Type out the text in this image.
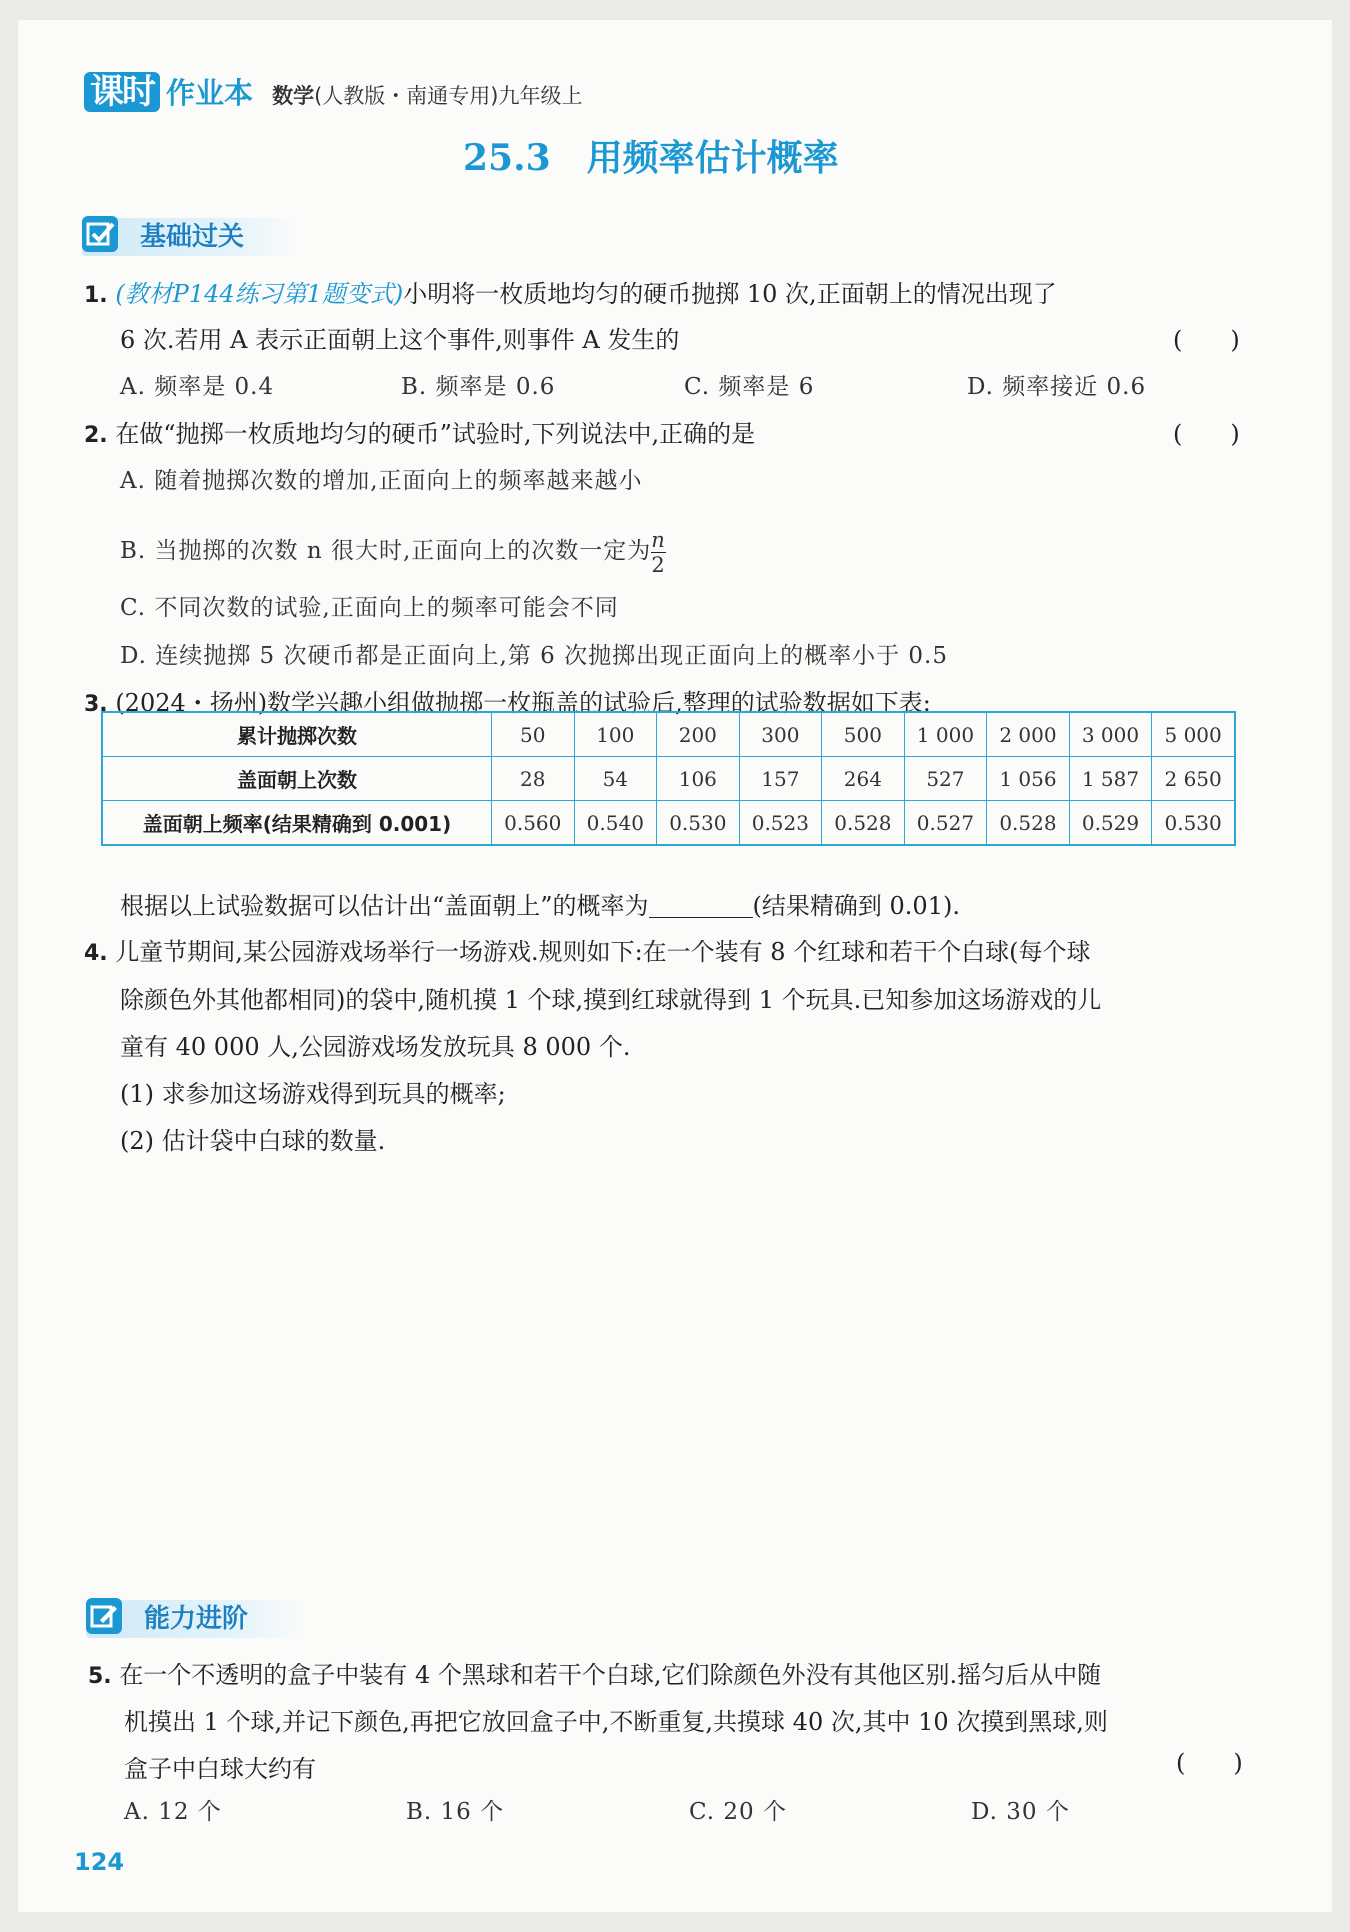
课时 作业本 数学(人教版・南通专用)九年级上
25.3　用频率估计概率
基础过关
1. (教材P144练习第1题变式)小明将一枚质地均匀的硬币抛掷 10 次,正面朝上的情况出现了
6 次.若用 A 表示正面朝上这个事件,则事件 A 发生的	(　　)
A. 频率是 0.4	B. 频率是 0.6	C. 频率是 6	D. 频率接近 0.6
2. 在做“抛掷一枚质地均匀的硬币”试验时,下列说法中,正确的是	(　　)
A. 随着抛掷次数的增加,正面向上的频率越来越小
B. 当抛掷的次数 n 很大时,正面向上的次数一定为 $\frac{n}{2}$
C. 不同次数的试验,正面向上的频率可能会不同
D. 连续抛掷 5 次硬币都是正面向上,第 6 次抛掷出现正面向上的概率小于 0.5
3. (2024・扬州)数学兴趣小组做抛掷一枚瓶盖的试验后,整理的试验数据如下表:
累计抛掷次数	50	100	200	300	500	1 000	2 000	3 000	5 000
盖面朝上次数	28	54	106	157	264	527	1 056	1 587	2 650
盖面朝上频率(结果精确到 0.001)	0.560	0.540	0.530	0.523	0.528	0.527	0.528	0.529	0.530
根据以上试验数据可以估计出“盖面朝上”的概率为	(结果精确到 0.01).
4. 儿童节期间,某公园游戏场举行一场游戏.规则如下:在一个装有 8 个红球和若干个白球(每个球
除颜色外其他都相同)的袋中,随机摸 1 个球,摸到红球就得到 1 个玩具.已知参加这场游戏的儿
童有 40 000 人,公园游戏场发放玩具 8 000 个.
(1) 求参加这场游戏得到玩具的概率;
(2) 估计袋中白球的数量.
能力进阶
5. 在一个不透明的盒子中装有 4 个黑球和若干个白球,它们除颜色外没有其他区别.摇匀后从中随
机摸出 1 个球,并记下颜色,再把它放回盒子中,不断重复,共摸球 40 次,其中 10 次摸到黑球,则
盒子中白球大约有	(　　)
A. 12 个	B. 16 个	C. 20 个	D. 30 个
124
